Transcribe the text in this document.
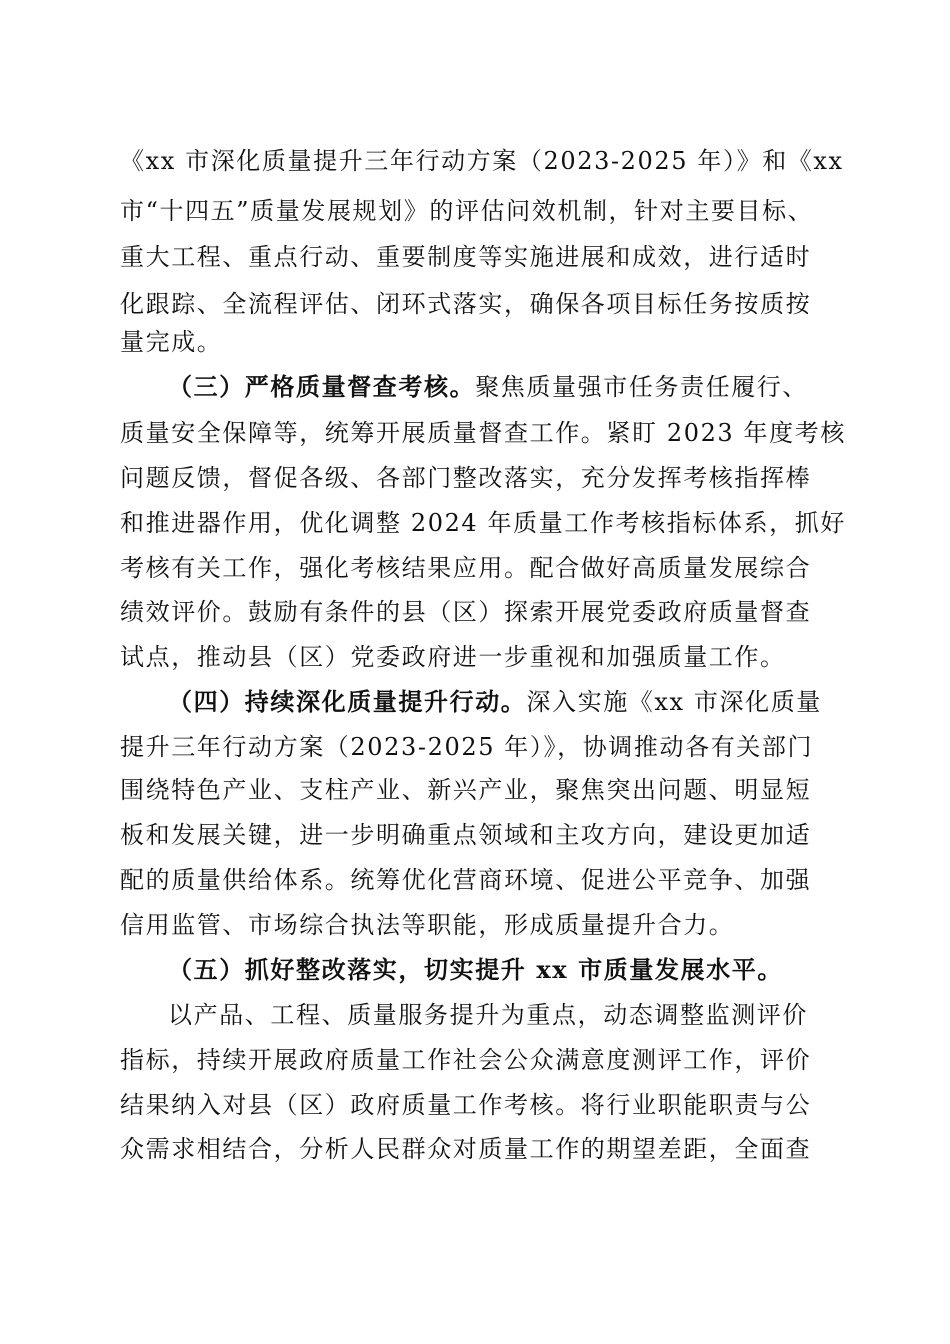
《xx 市深化质量提升三年行动方案（2023-2025 年）》和《xx
市“十四五”质量发展规划》的评估问效机制，针对主要目标、
重大工程、重点行动、重要制度等实施进展和成效，进行适时
化跟踪、全流程评估、闭环式落实，确保各项目标任务按质按
量完成。
（三）严格质量督查考核。聚焦质量强市任务责任履行、
质量安全保障等，统筹开展质量督查工作。紧盯 2023 年度考核
问题反馈，督促各级、各部门整改落实，充分发挥考核指挥棒
和推进器作用，优化调整 2024 年质量工作考核指标体系，抓好
考核有关工作，强化考核结果应用。配合做好高质量发展综合
绩效评价。鼓励有条件的县（区）探索开展党委政府质量督查
试点，推动县（区）党委政府进一步重视和加强质量工作。
（四）持续深化质量提升行动。深入实施《xx 市深化质量
提升三年行动方案（2023-2025 年）》，协调推动各有关部门
围绕特色产业、支柱产业、新兴产业，聚焦突出问题、明显短
板和发展关键，进一步明确重点领域和主攻方向，建设更加适
配的质量供给体系。统筹优化营商环境、促进公平竞争、加强
信用监管、市场综合执法等职能，形成质量提升合力。
（五）抓好整改落实，切实提升 xx 市质量发展水平。
以产品、工程、质量服务提升为重点，动态调整监测评价
指标，持续开展政府质量工作社会公众满意度测评工作，评价
结果纳入对县（区）政府质量工作考核。将行业职能职责与公
众需求相结合，分析人民群众对质量工作的期望差距，全面查
